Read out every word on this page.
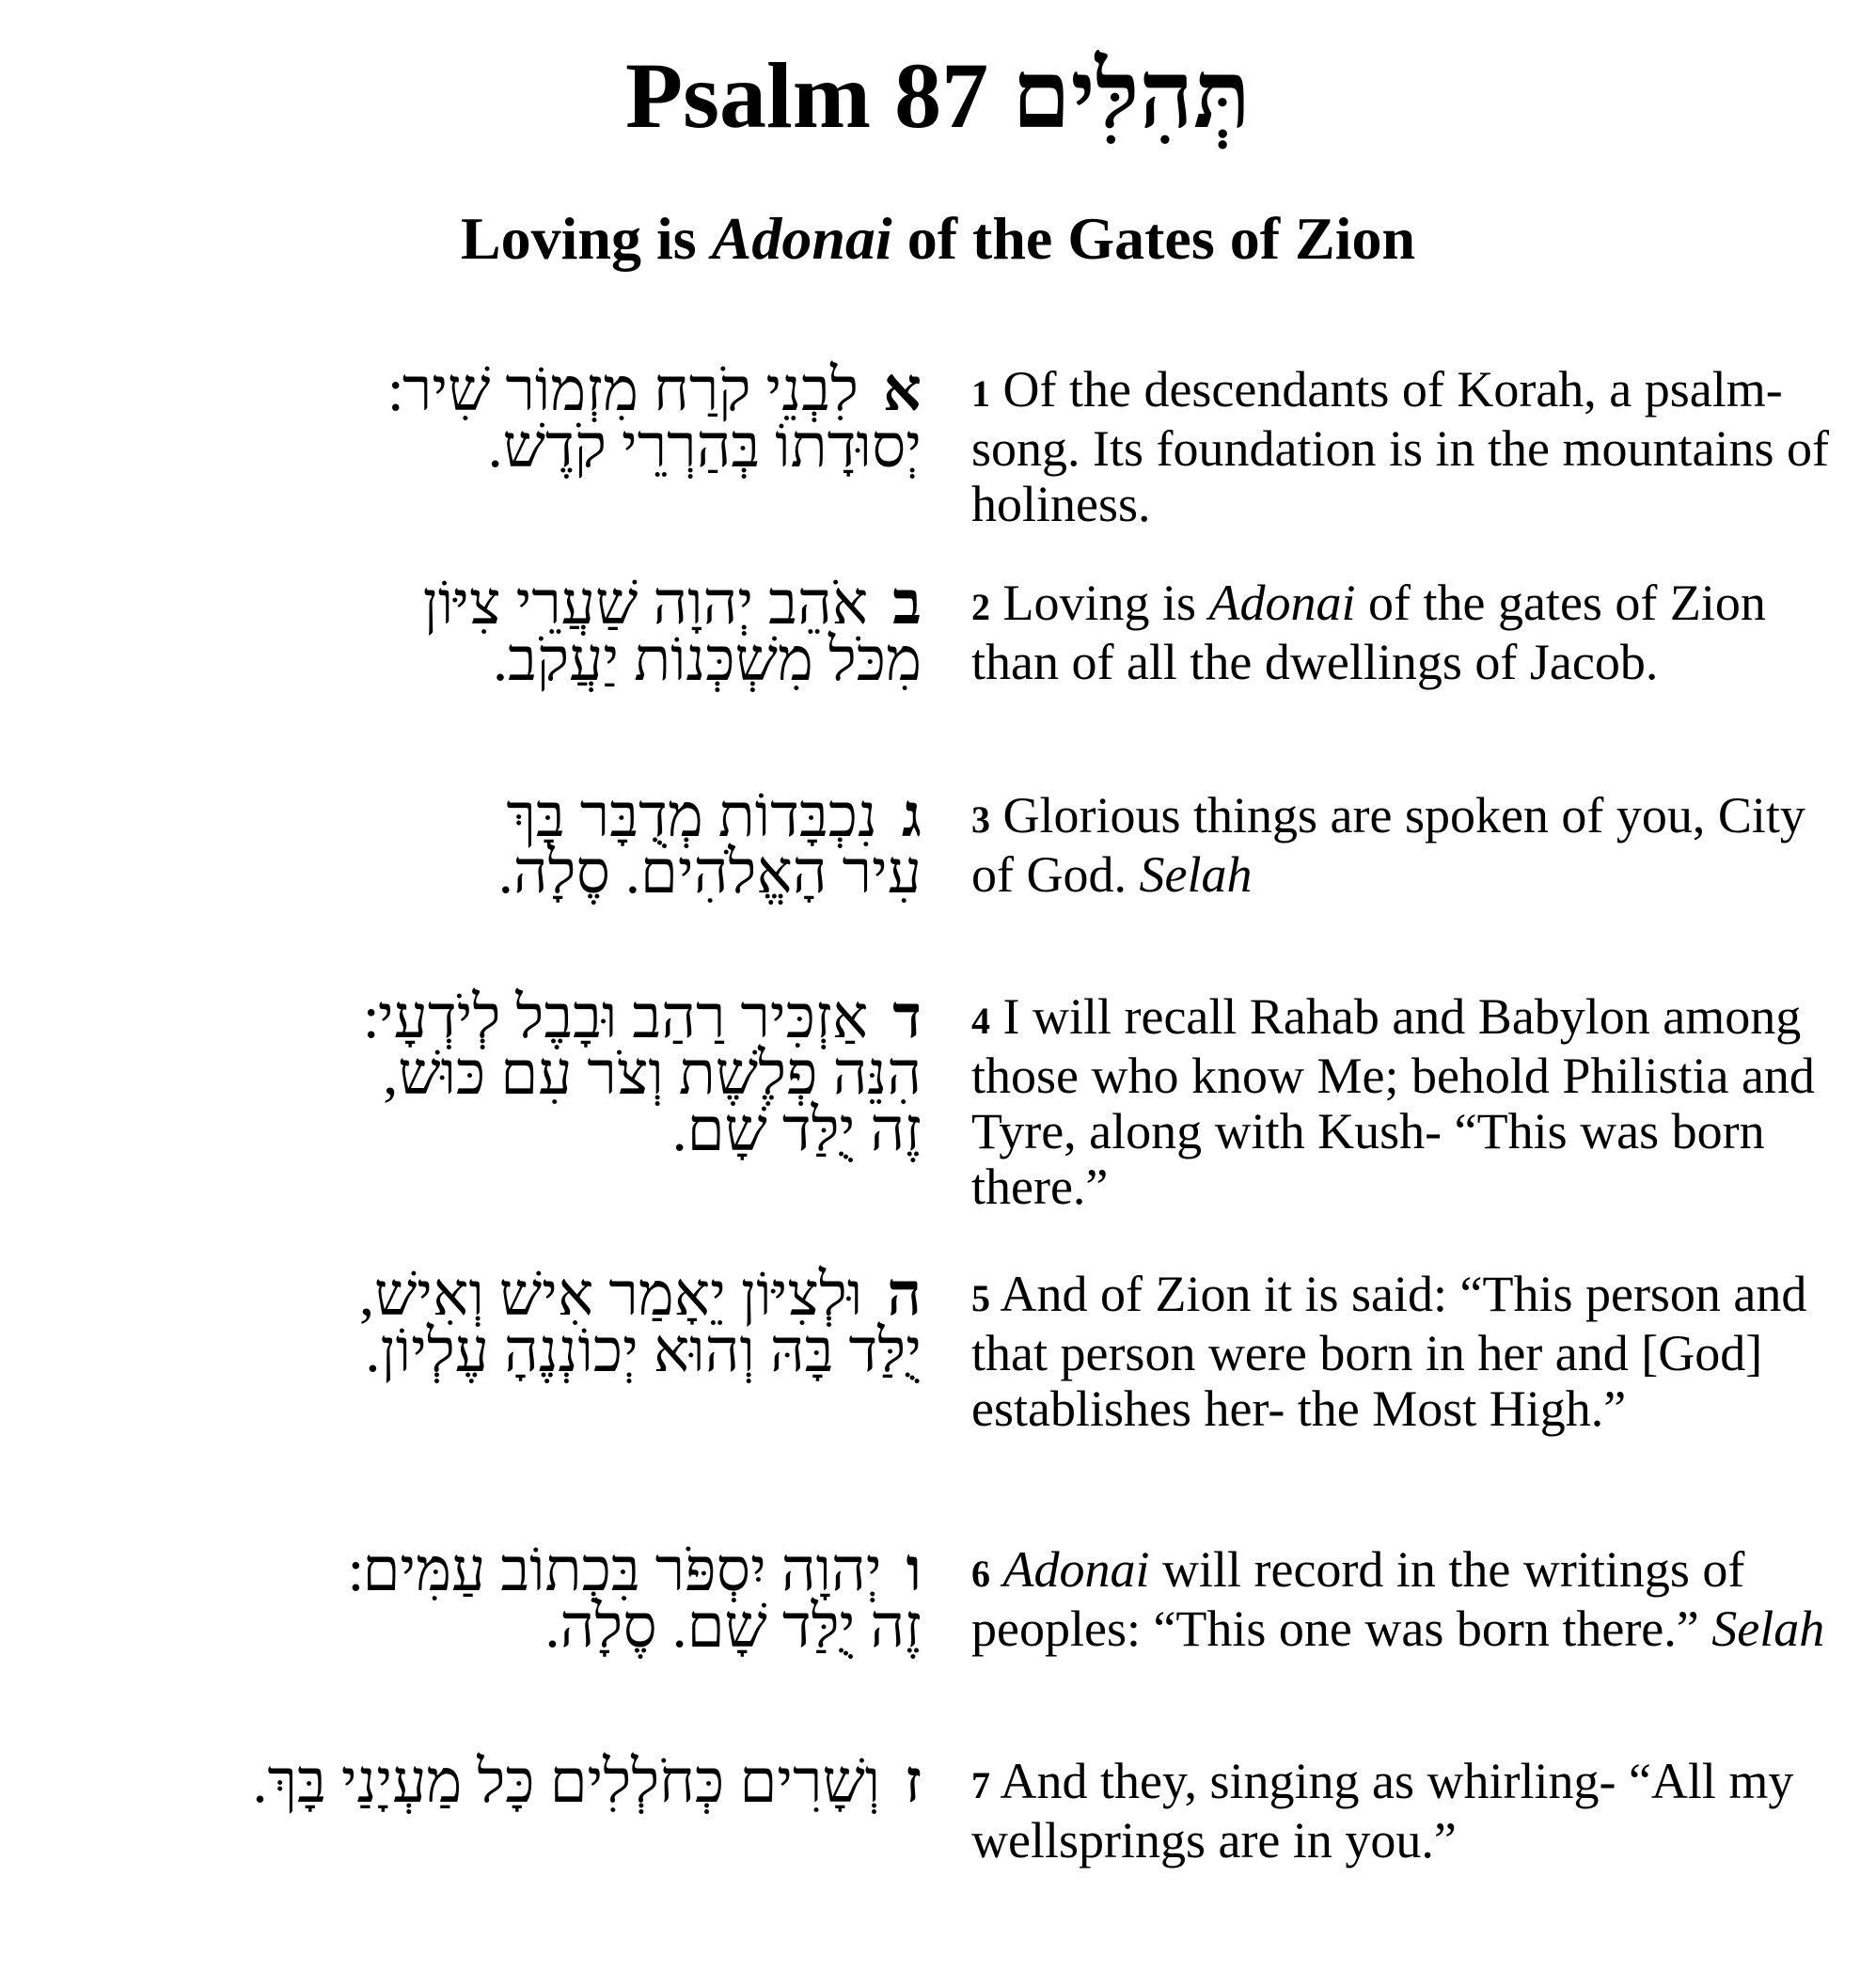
Psalm 87 תְּהִלִּים
Loving is Adonai of the Gates of Zion
אלִבְנֵי קֹרַח מִזְמוֹר שִׁיר ׃
יְסוּדָתוֹ בְּהַרְרֵי קֹדֶשׁ.
1 Of the descendants of Korah, a psalm-song. Its foundation is in the mountains of holiness.
באֹהֵב יְהוָה שַׁעֲרֵי צִיּוֹן
מִכֹּל מִשְׁכְּנוֹת יַעֲקֹב.
2 Loving is Adonai of the gates of Zion than of all the dwellings of Jacob.
גנִכְבָּדוֹת מְדֻבָּר בָּךְ
עִיר הָאֱלֹהִים. סֶלָה.
3 Glorious things are spoken of you, City of God. Selah
דאַזְכִּיר רַהַב וּבָבֶל לְיֹדְעָי ׃
הִנֵּה פְלֶשֶׁת וְצֹר עִם כּוּשׁ,
זֶה יֻלַּד שָׁם.
4 I will recall Rahab and Babylon among those who know Me; behold Philistia and Tyre, along with Kush- “This was born there.”
הוּלְצִיּוֹן יֵאָמַר אִישׁ וְאִישׁ,
יֻלַּד בָּהּ וְהוּא יְכוֹנְנֶהָ עֶלְיוֹן.
5 And of Zion it is said: “This person and that person were born in her and [God] establishes her- the Most High.”
ויְהוָה יִסְפֹּר בִּכְתוֹב עַמִּים ׃
זֶה יֻלַּד שָׁם. סֶלָה.
6 Adonai will record in the writings of peoples: “This one was born there.” Selah
זוְשָׁרִים כְּחֹלְלִים כָּל מַעְיָנַי בָּךְ.	7 And they, singing as whirling- “All my wellsprings are in you.”
